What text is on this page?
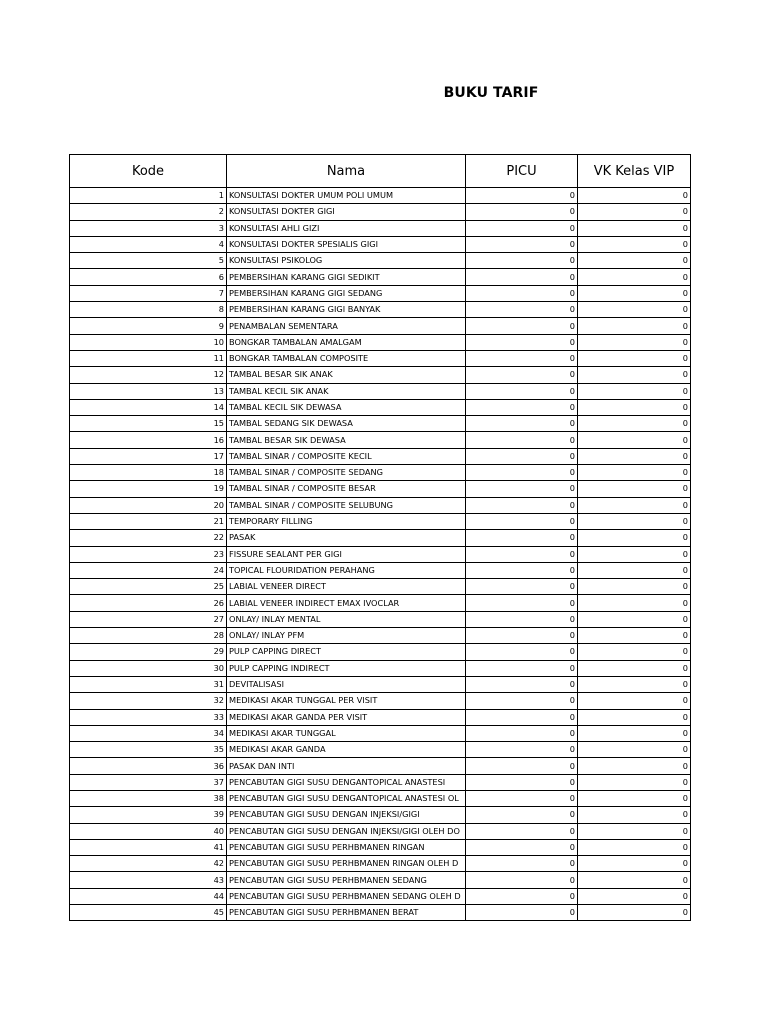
BUKU TARIF
Kode	Nama	PICU	VK Kelas VIP
1	KONSULTASI DOKTER UMUM POLI UMUM	0	0
2	KONSULTASI DOKTER GIGI	0	0
3	KONSULTASI AHLI GIZI	0	0
4	KONSULTASI DOKTER SPESIALIS GIGI	0	0
5	KONSULTASI PSIKOLOG	0	0
6	PEMBERSIHAN KARANG GIGI SEDIKIT	0	0
7	PEMBERSIHAN KARANG GIGI SEDANG	0	0
8	PEMBERSIHAN KARANG GIGI BANYAK	0	0
9	PENAMBALAN SEMENTARA	0	0
10	BONGKAR TAMBALAN AMALGAM	0	0
11	BONGKAR TAMBALAN COMPOSITE	0	0
12	TAMBAL BESAR SIK ANAK	0	0
13	TAMBAL KECIL SIK ANAK	0	0
14	TAMBAL KECIL SIK DEWASA	0	0
15	TAMBAL SEDANG SIK DEWASA	0	0
16	TAMBAL BESAR SIK DEWASA	0	0
17	TAMBAL SINAR / COMPOSITE KECIL	0	0
18	TAMBAL SINAR / COMPOSITE SEDANG	0	0
19	TAMBAL SINAR / COMPOSITE BESAR	0	0
20	TAMBAL SINAR / COMPOSITE SELUBUNG	0	0
21	TEMPORARY FILLING	0	0
22	PASAK	0	0
23	FISSURE SEALANT PER GIGI	0	0
24	TOPICAL FLOURIDATION PERAHANG	0	0
25	LABIAL VENEER DIRECT	0	0
26	LABIAL VENEER INDIRECT EMAX IVOCLAR	0	0
27	ONLAY/ INLAY MENTAL	0	0
28	ONLAY/ INLAY PFM	0	0
29	PULP CAPPING DIRECT	0	0
30	PULP CAPPING INDIRECT	0	0
31	DEVITALISASI	0	0
32	MEDIKASI AKAR TUNGGAL PER VISIT	0	0
33	MEDIKASI AKAR GANDA PER VISIT	0	0
34	MEDIKASI AKAR TUNGGAL	0	0
35	MEDIKASI AKAR GANDA	0	0
36	PASAK DAN INTI	0	0
37	PENCABUTAN GIGI SUSU DENGANTOPICAL ANASTESI	0	0
38	PENCABUTAN GIGI SUSU DENGANTOPICAL ANASTESI OL	0	0
39	PENCABUTAN GIGI SUSU DENGAN INJEKSI/GIGI	0	0
40	PENCABUTAN GIGI SUSU DENGAN INJEKSI/GIGI OLEH DO	0	0
41	PENCABUTAN GIGI SUSU PERHBMANEN RINGAN	0	0
42	PENCABUTAN GIGI SUSU PERHBMANEN RINGAN OLEH D	0	0
43	PENCABUTAN GIGI SUSU PERHBMANEN SEDANG	0	0
44	PENCABUTAN GIGI SUSU PERHBMANEN SEDANG OLEH D	0	0
45	PENCABUTAN GIGI SUSU PERHBMANEN BERAT	0	0
